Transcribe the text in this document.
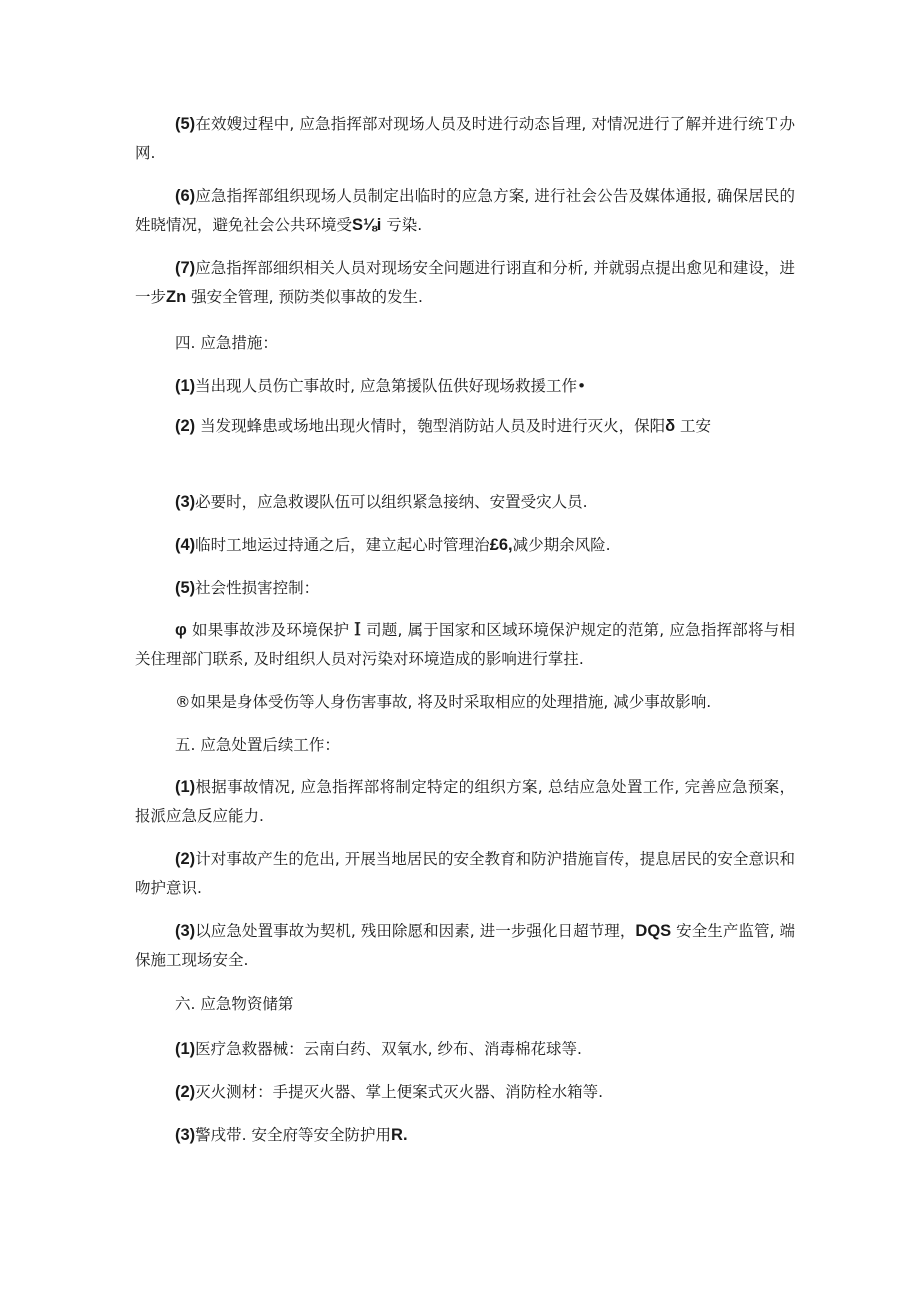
(5)在效嫂过程中, 应急指挥部对现场人员及时进行动态旨理, 对情况进行了解并进行统Ｔ办网.

(6)应急指挥部组织现场人员制定出临时的应急方案, 进行社会公告及媒体通报, 确保居民的姓晓情况，避免社会公共环境受S⅛i 亏染.

(7)应急指挥部细织相关人员对现场安全问题进行诩直和分析, 并就弱点提出愈见和建设，进一步Zn 强安全管理, 预防类似事故的发生.

四. 应急措施：

(1)当出现人员伤亡事故时, 应急第援队伍供好现场救援工作•

(2) 当发现蜂患或场地出现火情时，匏型消防站人员及时进行灭火，保阳δ 工安

(3)必要时，应急救谡队伍可以组织紧急接纳、安置受灾人员.

(4)临时工地运过持通之后，建立起心时管理治£6,减少期余风险.

(5)社会性损害控制：

φ 如果事故涉及环境保护Ｉ司题, 属于国家和区域环境保沪规定的范第, 应急指挥部将与相关住理部门联系, 及时组织人员对污染对环境造成的影响进行掌拄.

®如果是身体受伤等人身伤害事故, 将及时采取相应的处理措施, 减少事故影响.

五. 应急处置后续工作：

(1)根据事故情况, 应急指挥部将制定特定的组织方案, 总结应急处置工作, 完善应急预案，报派应急反应能力.

(2)计对事故产生的危出, 开展当地居民的安全教育和防沪措施盲传，提息居民的安全意识和吻护意识.

(3)以应急处置事故为契机, 残田除愿和因素, 进一步强化日超节理，DQS 安全生产监管, 端保施工现场安全.

六. 应急物资储第

(1)医疗急救器械：云南白药、双氧水, 纱布、消毒棉花球等.

(2)灭火测材：手提灭火器、掌上便案式灭火器、消防栓水箱等.

(3)警戌带. 安全府等安全防护用R.
